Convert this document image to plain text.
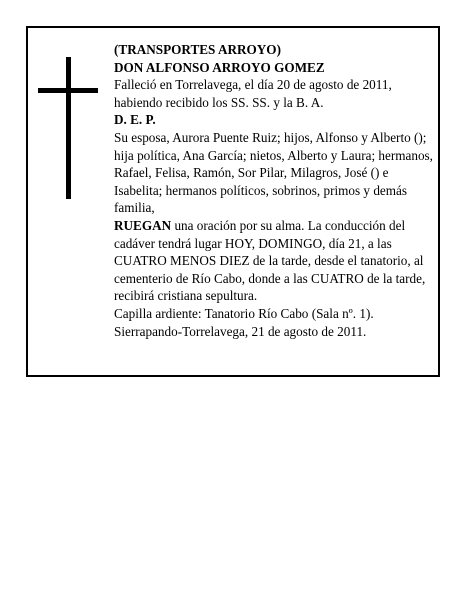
(TRANSPORTES ARROYO)

DON ALFONSO ARROYO GOMEZ

Falleció en Torrelavega, el día 20 de agosto de 2011, habiendo recibido los SS. SS. y la B. A.

D. E. P.

Su esposa, Aurora Puente Ruiz; hijos, Alfonso y Alberto (); hija política, Ana García; nietos, Alberto y Laura; hermanos, Rafael, Felisa, Ramón, Sor Pilar, Milagros, José () e Isabelita; hermanos políticos, sobrinos, primos y demás familia,

RUEGAN una oración por su alma. La conducción del cadáver tendrá lugar HOY, DOMINGO, día 21, a las CUATRO MENOS DIEZ de la tarde, desde el tanatorio, al cementerio de Río Cabo, donde a las CUATRO de la tarde, recibirá cristiana sepultura.

Capilla ardiente: Tanatorio Río Cabo (Sala nº. 1).

Sierrapando-Torrelavega, 21 de agosto de 2011.
